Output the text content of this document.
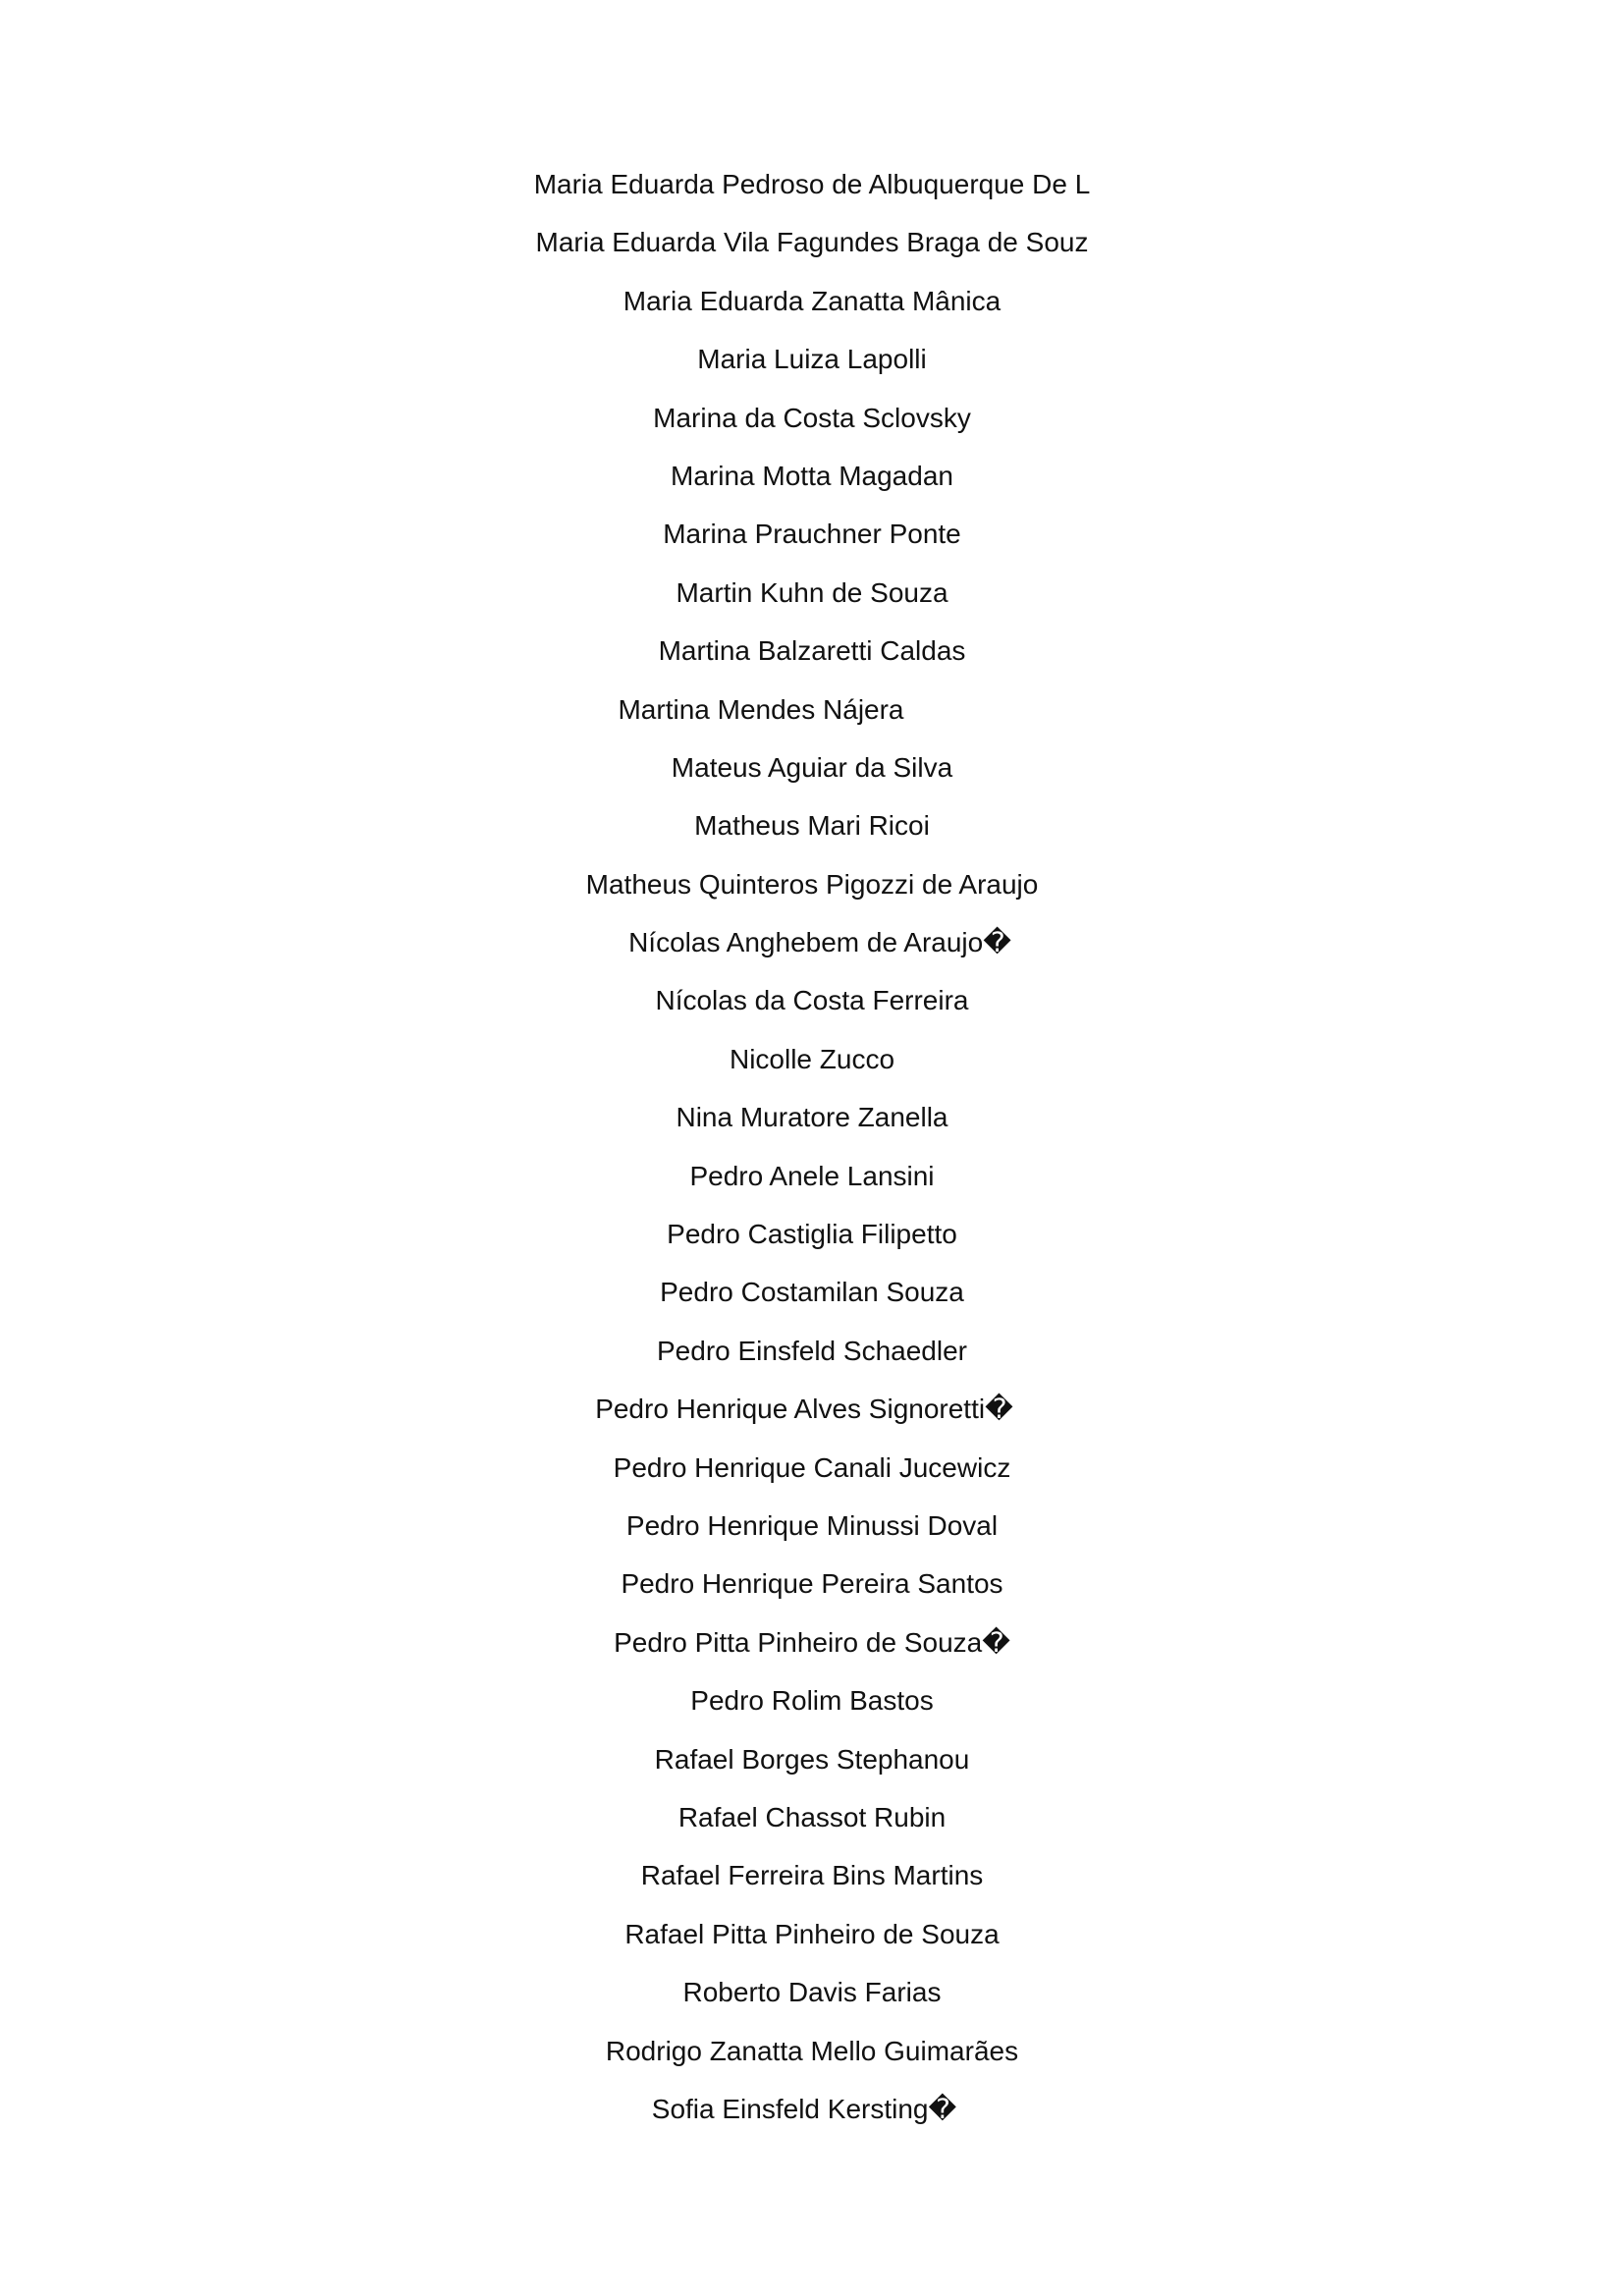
Maria Eduarda Pedroso de Albuquerque De L
Maria Eduarda Vila Fagundes Braga de Souz
Maria Eduarda Zanatta Mânica
Maria Luiza Lapolli
Marina da Costa Sclovsky
Marina Motta Magadan
Marina Prauchner Ponte
Martin Kuhn de Souza
Martina Balzaretti Caldas
Martina Mendes Nájera
Mateus Aguiar da Silva
Matheus Mari Ricoi
Matheus Quinteros Pigozzi de Araujo
Nícolas Anghebem de Araujo�
Nícolas da Costa Ferreira
Nicolle Zucco
Nina Muratore Zanella
Pedro Anele Lansini
Pedro Castiglia Filipetto
Pedro Costamilan Souza
Pedro Einsfeld Schaedler
Pedro Henrique Alves Signoretti�
Pedro Henrique Canali Jucewicz
Pedro Henrique Minussi Doval
Pedro Henrique Pereira Santos
Pedro Pitta Pinheiro de Souza�
Pedro Rolim Bastos
Rafael Borges Stephanou
Rafael Chassot Rubin
Rafael Ferreira Bins Martins
Rafael Pitta Pinheiro de Souza
Roberto Davis Farias
Rodrigo Zanatta Mello Guimarães
Sofia Einsfeld Kersting�
